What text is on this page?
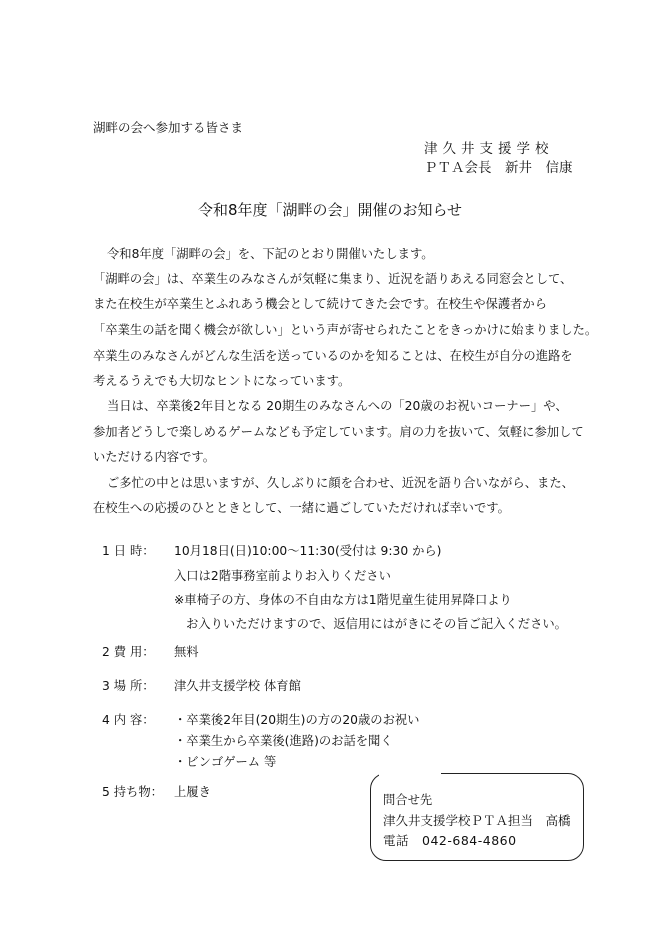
湖畔の会へ参加する皆さま
津久井支援学校
ＰＴＡ会長　新井　信康
令和8年度「湖畔の会」開催のお知らせ
令和8年度「湖畔の会」を、下記のとおり開催いたします。
「湖畔の会」は、卒業生のみなさんが気軽に集まり、近況を語りあえる同窓会として、
また在校生が卒業生とふれあう機会として続けてきた会です。在校生や保護者から
「卒業生の話を聞く機会が欲しい」という声が寄せられたことをきっかけに始まりました。
卒業生のみなさんがどんな生活を送っているのかを知ることは、在校生が自分の進路を
考えるうえでも大切なヒントになっています。
当日は、卒業後2年目となる 20期生のみなさんへの「20歳のお祝いコーナー」や、
参加者どうしで楽しめるゲームなども予定しています。肩の力を抜いて、気軽に参加して
いただける内容です。
ご多忙の中とは思いますが、久しぶりに顔を合わせ、近況を語り合いながら、また、
在校生への応援のひとときとして、一緒に過ごしていただければ幸いです。
1 日 時： 10月18日(日)10:00～11:30(受付は 9:30 から)
入口は2階事務室前よりお入りください
※車椅子の方、身体の不自由な方は1階児童生徒用昇降口より
お入りいただけますので、返信用にはがきにその旨ご記入ください。
2 費 用： 無料
3 場 所： 津久井支援学校 体育館
4 内 容： ・卒業後2年目(20期生)の方の20歳のお祝い
・卒業生から卒業後(進路)のお話を聞く
・ビンゴゲーム 等
5 持ち物： 上履き
問合せ先
津久井支援学校ＰＴＡ担当　高橋
電話　042-684-4860
